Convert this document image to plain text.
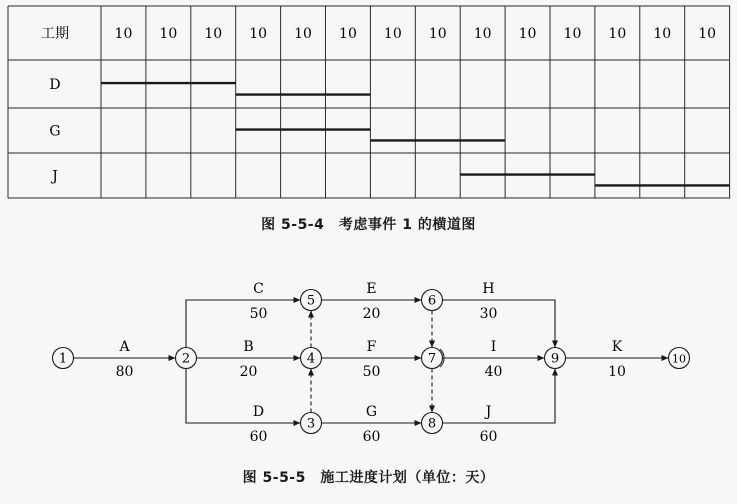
工期	10 10 10 10 10 10 10 10 10 10 10 10 10 10
D
G
J
A
80
B
20
C
50
D
60
E
20
F
50
G
60
H
30
I
40
J
60
K
10
1	2
3
4
5	6
7
8
9	10
图 5-5-4　考虑事件 1 的横道图
图 5-5-5　施工进度计划（单位：天）
